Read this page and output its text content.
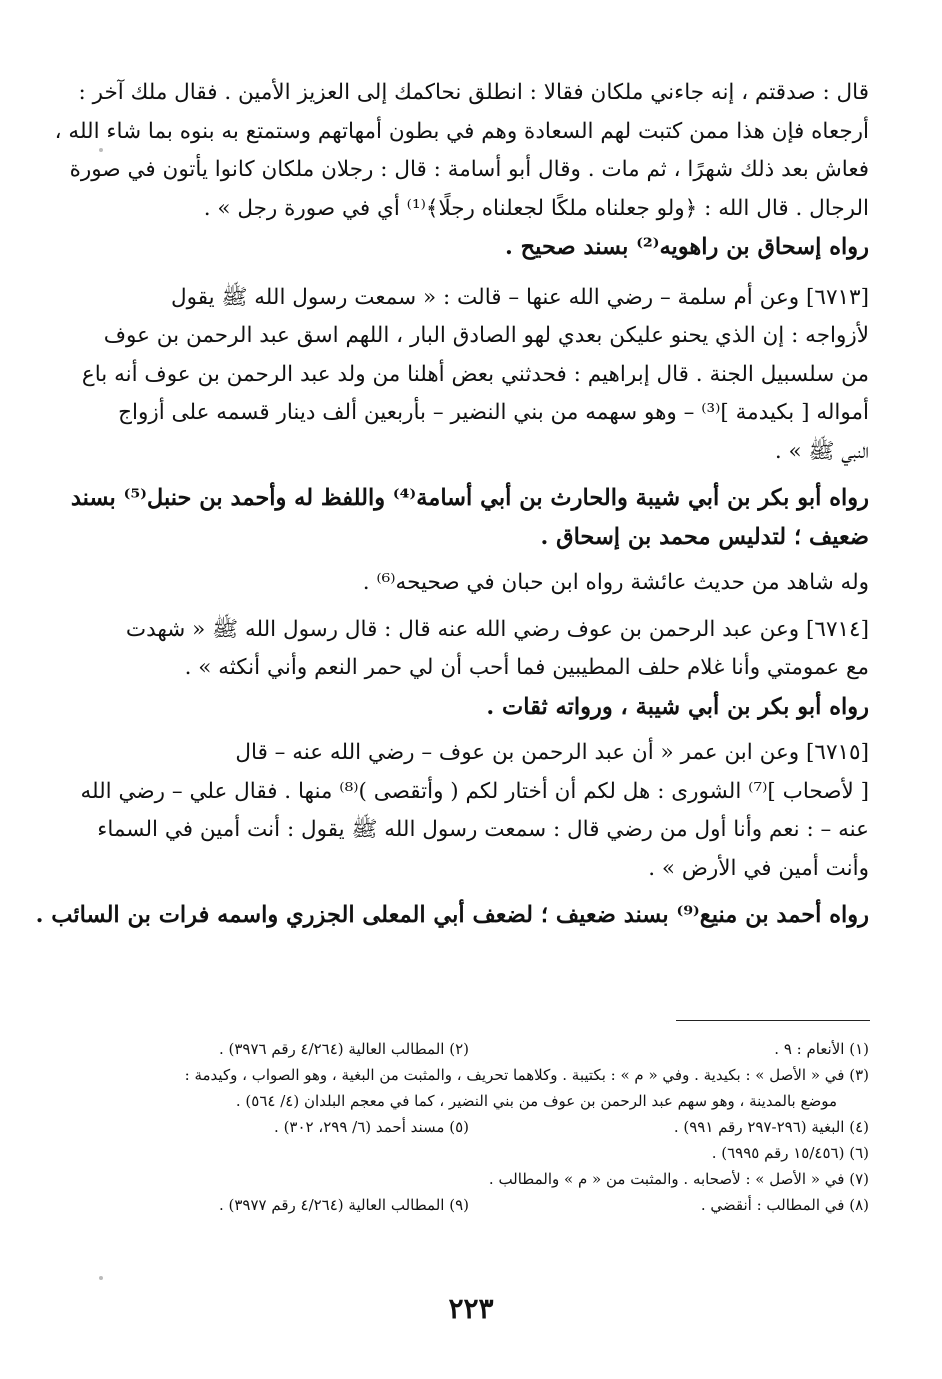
قال : صدقتم ، إنه جاءني ملكان فقالا : انطلق نحاكمك إلى العزيز الأمين . فقال ملك آخر :
أرجعاه فإن هذا ممن كتبت لهم السعادة وهم في بطون أمهاتهم وستمتع به بنوه بما شاء الله ،
فعاش بعد ذلك شهرًا ، ثم مات . وقال أبو أسامة : قال : رجلان ملكان كانوا يأتون في صورة
الرجال . قال الله : ﴿ولو جعلناه ملكًا لجعلناه رجلًا﴾⁽¹⁾ أي في صورة رجل » .

رواه إسحاق بن راهويه⁽²⁾ بسند صحيح .

[٦٧١٣] وعن أم سلمة – رضي الله عنها – قالت : « سمعت رسول الله ﷺ يقول
لأزواجه : إن الذي يحنو عليكن بعدي لهو الصادق البار ، اللهم اسق عبد الرحمن بن عوف
من سلسبيل الجنة . قال إبراهيم : فحدثني بعض أهلنا من ولد عبد الرحمن بن عوف أنه باع
أمواله [ بكيدمة ]⁽³⁾ – وهو سهمه من بني النضير – بأربعين ألف دينار قسمه على أزواج
النبي ﷺ » .

رواه أبو بكر بن أبي شيبة والحارث بن أبي أسامة⁽⁴⁾ واللفظ له وأحمد بن حنبل⁽⁵⁾ بسند
ضعيف ؛ لتدليس محمد بن إسحاق .

وله شاهد من حديث عائشة رواه ابن حبان في صحيحه⁽⁶⁾ .

[٦٧١٤] وعن عبد الرحمن بن عوف رضي الله عنه قال : قال رسول الله ﷺ « شهدت
مع عمومتي وأنا غلام حلف المطيبين فما أحب أن لي حمر النعم وأني أنكثه » .

رواه أبو بكر بن أبي شيبة ، ورواته ثقات .

[٦٧١٥] وعن ابن عمر « أن عبد الرحمن بن عوف – رضي الله عنه – قال
[ لأصحاب ]⁽⁷⁾ الشورى : هل لكم أن أختار لكم ( وأتقصى )⁽⁸⁾ منها . فقال علي – رضي الله
عنه – : نعم وأنا أول من رضي قال : سمعت رسول الله ﷺ يقول : أنت أمين في السماء
وأنت أمين في الأرض » .

رواه أحمد بن منيع⁽⁹⁾ بسند ضعيف ؛ لضعف أبي المعلى الجزري واسمه فرات بن السائب .

(١) الأنعام : ٩ .
(٢) المطالب العالية (٤/٢٦٤ رقم ٣٩٧٦) .
(٣) في « الأصل » : بكيدية . وفي « م » : بكتيبة . وكلاهما تحريف ، والمثبت من البغية ، وهو الصواب ، وكيدمة :
موضع بالمدينة ، وهو سهم عبد الرحمن بن عوف من بني النضير ، كما في معجم البلدان (٤/ ٥٦٤) .
(٤) البغية (٢٩٦-٢٩٧ رقم ٩٩١) .
(٥) مسند أحمد (٦/ ٢٩٩، ٣٠٢) .
(٦) (١٥/٤٥٦ رقم ٦٩٩٥) .
(٧) في « الأصل » : لأصحابه . والمثبت من « م » والمطالب .
(٨) في المطالب : أنقضي .
(٩) المطالب العالية (٤/٢٦٤ رقم ٣٩٧٧) .
٢٢٣
